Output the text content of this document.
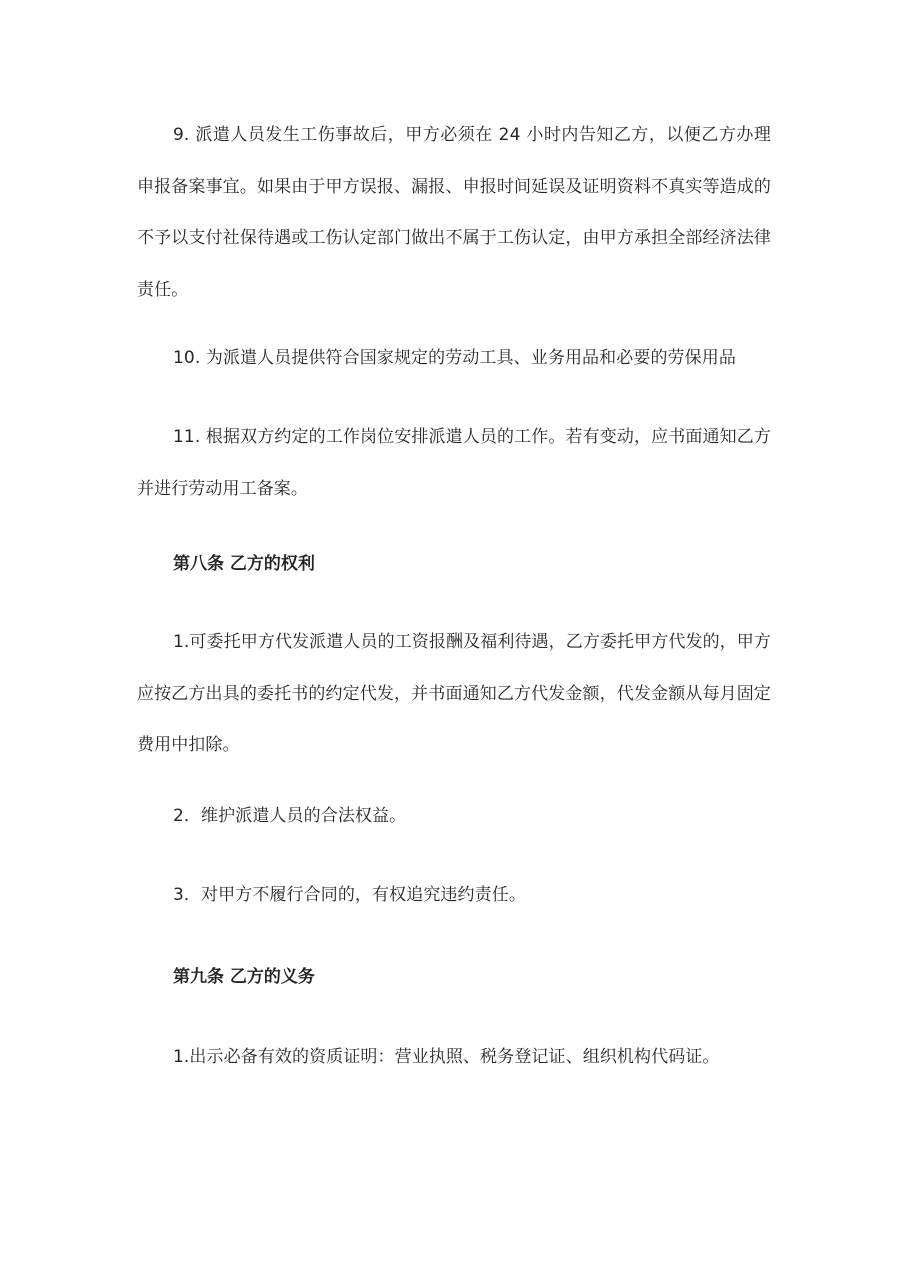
9. 派遣人员发生工伤事故后，甲方必须在 24 小时内告知乙方，以便乙方办理申报备案事宜。如果由于甲方误报、漏报、申报时间延误及证明资料不真实等造成的不予以支付社保待遇或工伤认定部门做出不属于工伤认定，由甲方承担全部经济法律责任。

10. 为派遣人员提供符合国家规定的劳动工具、业务用品和必要的劳保用品

11. 根据双方约定的工作岗位安排派遣人员的工作。若有变动，应书面通知乙方并进行劳动用工备案。

第八条 乙方的权利

1.可委托甲方代发派遣人员的工资报酬及福利待遇，乙方委托甲方代发的，甲方应按乙方出具的委托书的约定代发，并书面通知乙方代发金额，代发金额从每月固定费用中扣除。

2．维护派遣人员的合法权益。

3．对甲方不履行合同的，有权追究违约责任。

第九条 乙方的义务

1.出示必备有效的资质证明：营业执照、税务登记证、组织机构代码证。
